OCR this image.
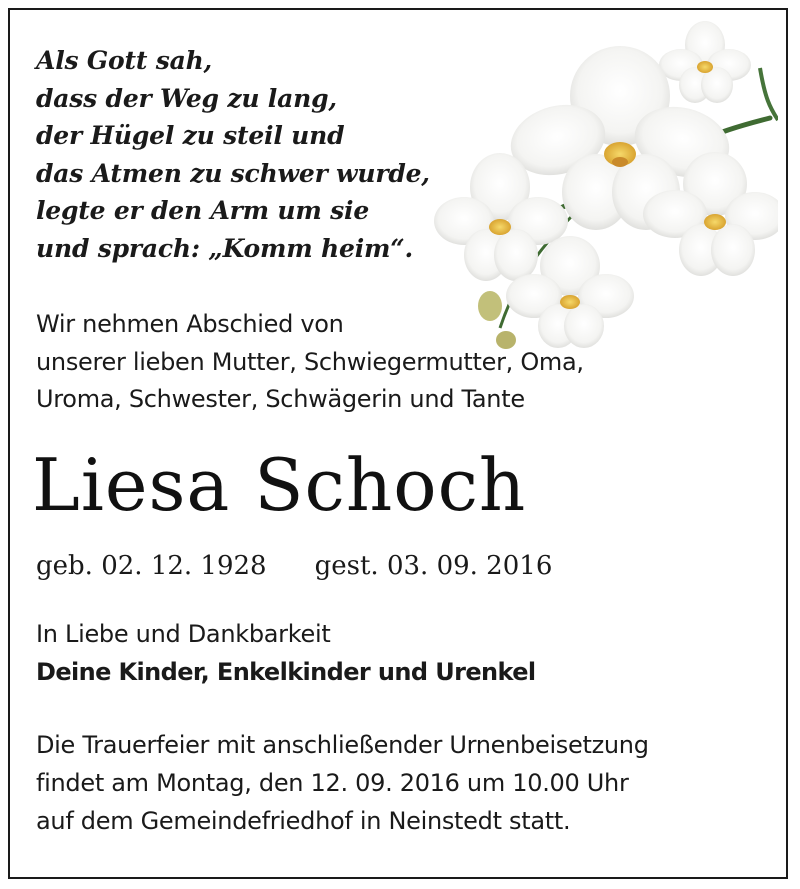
Als Gott sah,
dass der Weg zu lang,
der Hügel zu steil und
das Atmen zu schwer wurde,
legte er den Arm um sie
und sprach: „Komm heim“.
Wir nehmen Abschied von
unserer lieben Mutter, Schwiegermutter, Oma,
Uroma, Schwester, Schwägerin und Tante
Liesa Schoch
geb. 02. 12. 1928 gest. 03. 09. 2016
In Liebe und Dankbarkeit
Deine Kinder, Enkelkinder und Urenkel
Die Trauerfeier mit anschließender Urnenbeisetzung
findet am Montag, den 12. 09. 2016 um 10.00 Uhr
auf dem Gemeindefriedhof in Neinstedt statt.
